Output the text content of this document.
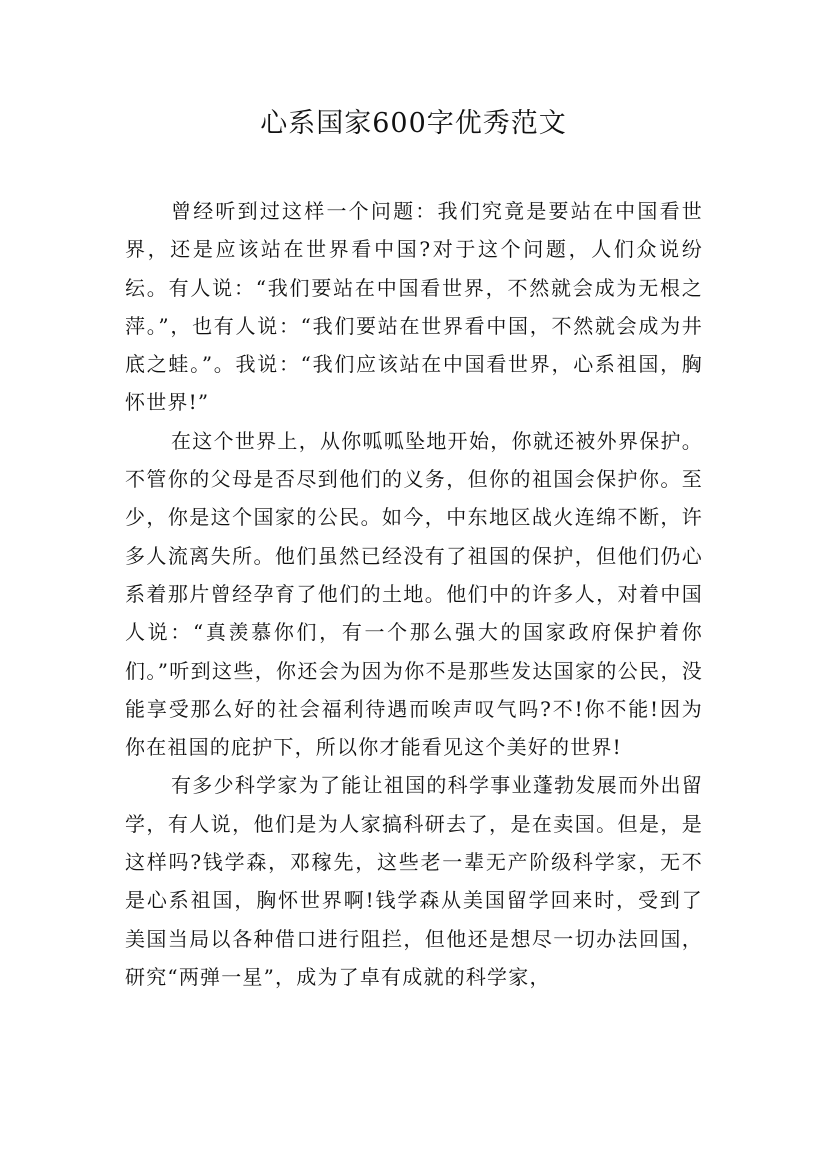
心系国家600字优秀范文

曾经听到过这样一个问题：我们究竟是要站在中国看世界，还是应该站在世界看中国?对于这个问题，人们众说纷纭。有人说：“我们要站在中国看世界，不然就会成为无根之萍。”，也有人说：“我们要站在世界看中国，不然就会成为井底之蛙。”。我说：“我们应该站在中国看世界，心系祖国，胸怀世界!”

在这个世界上，从你呱呱坠地开始，你就还被外界保护。不管你的父母是否尽到他们的义务，但你的祖国会保护你。至少，你是这个国家的公民。如今，中东地区战火连绵不断，许多人流离失所。他们虽然已经没有了祖国的保护，但他们仍心系着那片曾经孕育了他们的土地。他们中的许多人，对着中国人说：“真羡慕你们，有一个那么强大的国家政府保护着你们。”听到这些，你还会为因为你不是那些发达国家的公民，没能享受那么好的社会福利待遇而唉声叹气吗?不!你不能!因为你在祖国的庇护下，所以你才能看见这个美好的世界!

有多少科学家为了能让祖国的科学事业蓬勃发展而外出留学，有人说，他们是为人家搞科研去了，是在卖国。但是，是这样吗?钱学森，邓稼先，这些老一辈无产阶级科学家，无不是心系祖国，胸怀世界啊!钱学森从美国留学回来时，受到了美国当局以各种借口进行阻拦，但他还是想尽一切办法回国，研究“两弹一星”，成为了卓有成就的科学家，
